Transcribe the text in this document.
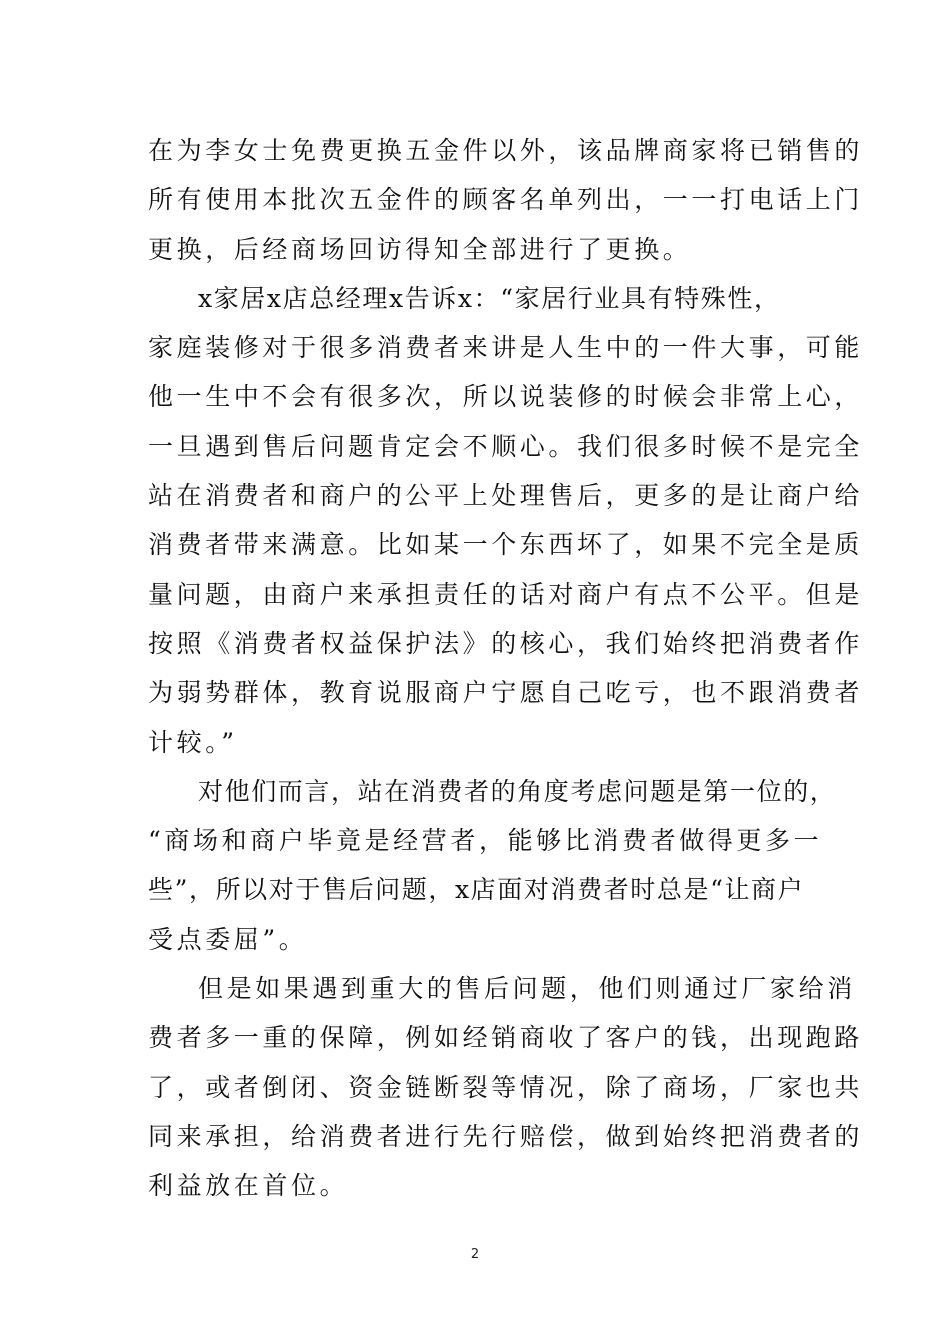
在为李女士免费更换五金件以外，该品牌商家将已销售的
所有使用本批次五金件的顾客名单列出，一一打电话上门
更换，后经商场回访得知全部进行了更换。
x家居x店总经理x告诉x：“家居行业具有特殊性，
家庭装修对于很多消费者来讲是人生中的一件大事，可能
他一生中不会有很多次，所以说装修的时候会非常上心，
一旦遇到售后问题肯定会不顺心。我们很多时候不是完全
站在消费者和商户的公平上处理售后，更多的是让商户给
消费者带来满意。比如某一个东西坏了，如果不完全是质
量问题，由商户来承担责任的话对商户有点不公平。但是
按照《消费者权益保护法》的核心，我们始终把消费者作
为弱势群体，教育说服商户宁愿自己吃亏，也不跟消费者
计较。”
对他们而言，站在消费者的角度考虑问题是第一位的，
“商场和商户毕竟是经营者，能够比消费者做得更多一
些”，所以对于售后问题，x店面对消费者时总是“让商户
受点委屈”。
但是如果遇到重大的售后问题，他们则通过厂家给消
费者多一重的保障，例如经销商收了客户的钱，出现跑路
了，或者倒闭、资金链断裂等情况，除了商场，厂家也共
同来承担，给消费者进行先行赔偿，做到始终把消费者的
利益放在首位。
2
